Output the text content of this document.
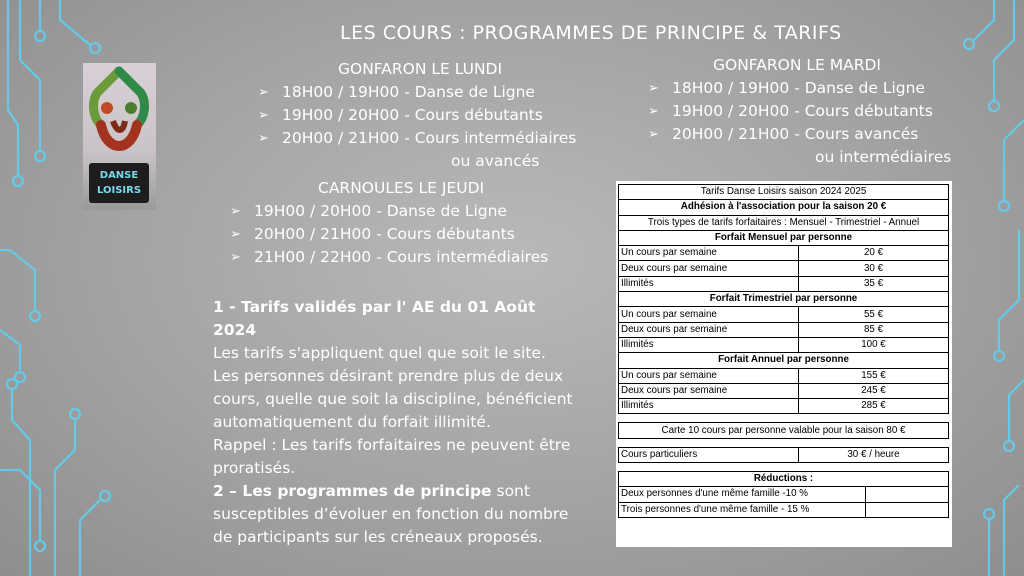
LES COURS : PROGRAMMES DE PRINCIPE & TARIFS
DANSE
LOISIRS
GONFARON LE LUNDI
➢ 18H00 / 19H00 - Danse de Ligne
➢ 19H00 / 20H00 - Cours débutants
➢ 20H00 / 21H00 - Cours intermédiaires
ou avancés
GONFARON LE MARDI
➢ 18H00 / 19H00 - Danse de Ligne
➢ 19H00 / 20H00 - Cours débutants
➢ 20H00 / 21H00 - Cours avancés
ou intermédiaires
CARNOULES LE JEUDI
➢ 19H00 / 20H00 - Danse de Ligne
➢ 20H00 / 21H00 - Cours débutants
➢ 21H00 / 22H00 - Cours intermédiaires

1 - Tarifs validés par l' AE du 01 Août 2024

Les tarifs s'appliquent quel que soit le site.

Les personnes désirant prendre plus de deux cours, quelle que soit la discipline, bénéficient automatiquement du forfait illimité.

Rappel : Les tarifs forfaitaires ne peuvent être proratisés.

2 – Les programmes de principe sont susceptibles d’évoluer en fonction du nombre de participants sur les créneaux proposés.

Tarifs Danse Loisirs saison 2024 2025	
Adhésion à l'association pour la saison 20 €	
Trois types de tarifs forfaitaires : Mensuel - Trimestriel - Annuel	
Forfait Mensuel par personne	
Un cours par semaine	20 €
Deux cours par semaine	30 €
Illimités	35 €
Forfait Trimestriel par personne	
Un cours par semaine	55 €
Deux cours par semaine	85 €
Illimités	100 €
Forfait Annuel par personne	
Un cours par semaine	155 €
Deux cours par semaine	245 €
Illimités	285 €
Carte 10 cours par personne valable pour la saison 80 €
Cours particuliers	30 € / heure
Réductions :	
Deux personnes d'une même famille -10 %	
Trois personnes d'une même famille - 15 %	
